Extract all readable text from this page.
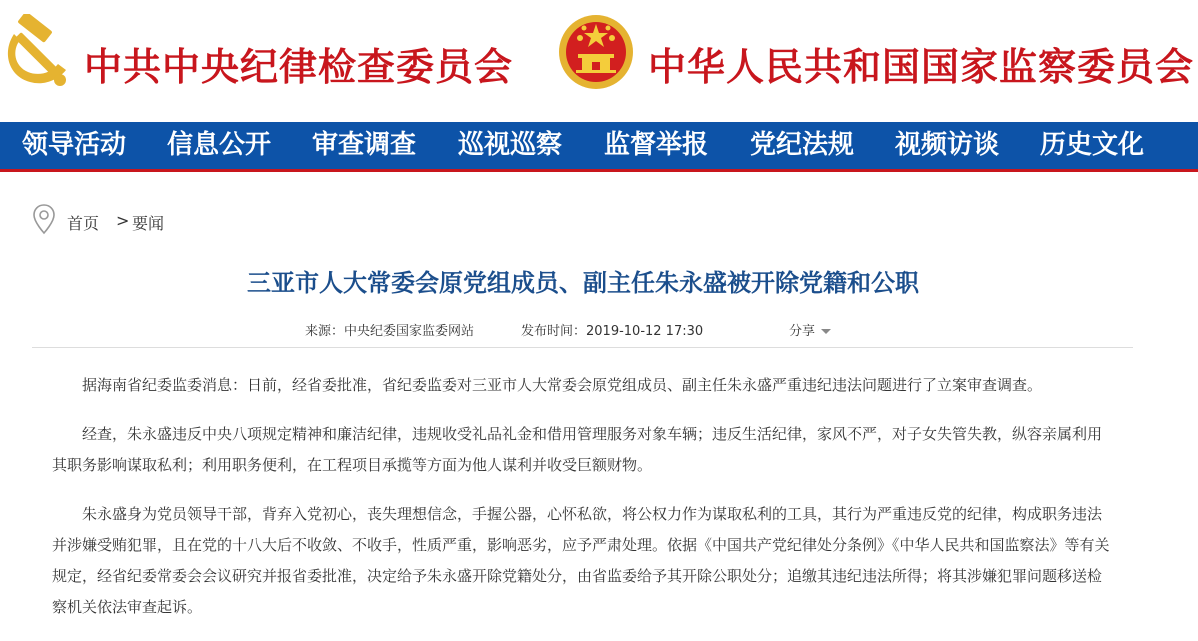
中共中央纪律检查委员会	中华人民共和国国家监察委员会
领导活动 信息公开 审查调查 巡视巡察 监督举报 党纪法规 视频访谈 历史文化
首页 > 要闻
三亚市人大常委会原党组成员、副主任朱永盛被开除党籍和公职
来源：中央纪委国家监委网站	发布时间：2019-10-12 17:30	分享

据海南省纪委监委消息：日前，经省委批准，省纪委监委对三亚市人大常委会原党组成员、副主任朱永盛严重违纪违法问题进行了立案审查调查。

经查，朱永盛违反中央八项规定精神和廉洁纪律，违规收受礼品礼金和借用管理服务对象车辆；违反生活纪律，家风不严，对子女失管失教，纵容亲属利用其职务影响谋取私利；利用职务便利，在工程项目承揽等方面为他人谋利并收受巨额财物。

朱永盛身为党员领导干部，背弃入党初心，丧失理想信念，手握公器，心怀私欲，将公权力作为谋取私利的工具，其行为严重违反党的纪律，构成职务违法并涉嫌受贿犯罪，且在党的十八大后不收敛、不收手，性质严重，影响恶劣，应予严肃处理。依据《中国共产党纪律处分条例》《中华人民共和国监察法》等有关规定，经省纪委常委会会议研究并报省委批准，决定给予朱永盛开除党籍处分，由省监委给予其开除公职处分；追缴其违纪违法所得；将其涉嫌犯罪问题移送检察机关依法审查起诉。
